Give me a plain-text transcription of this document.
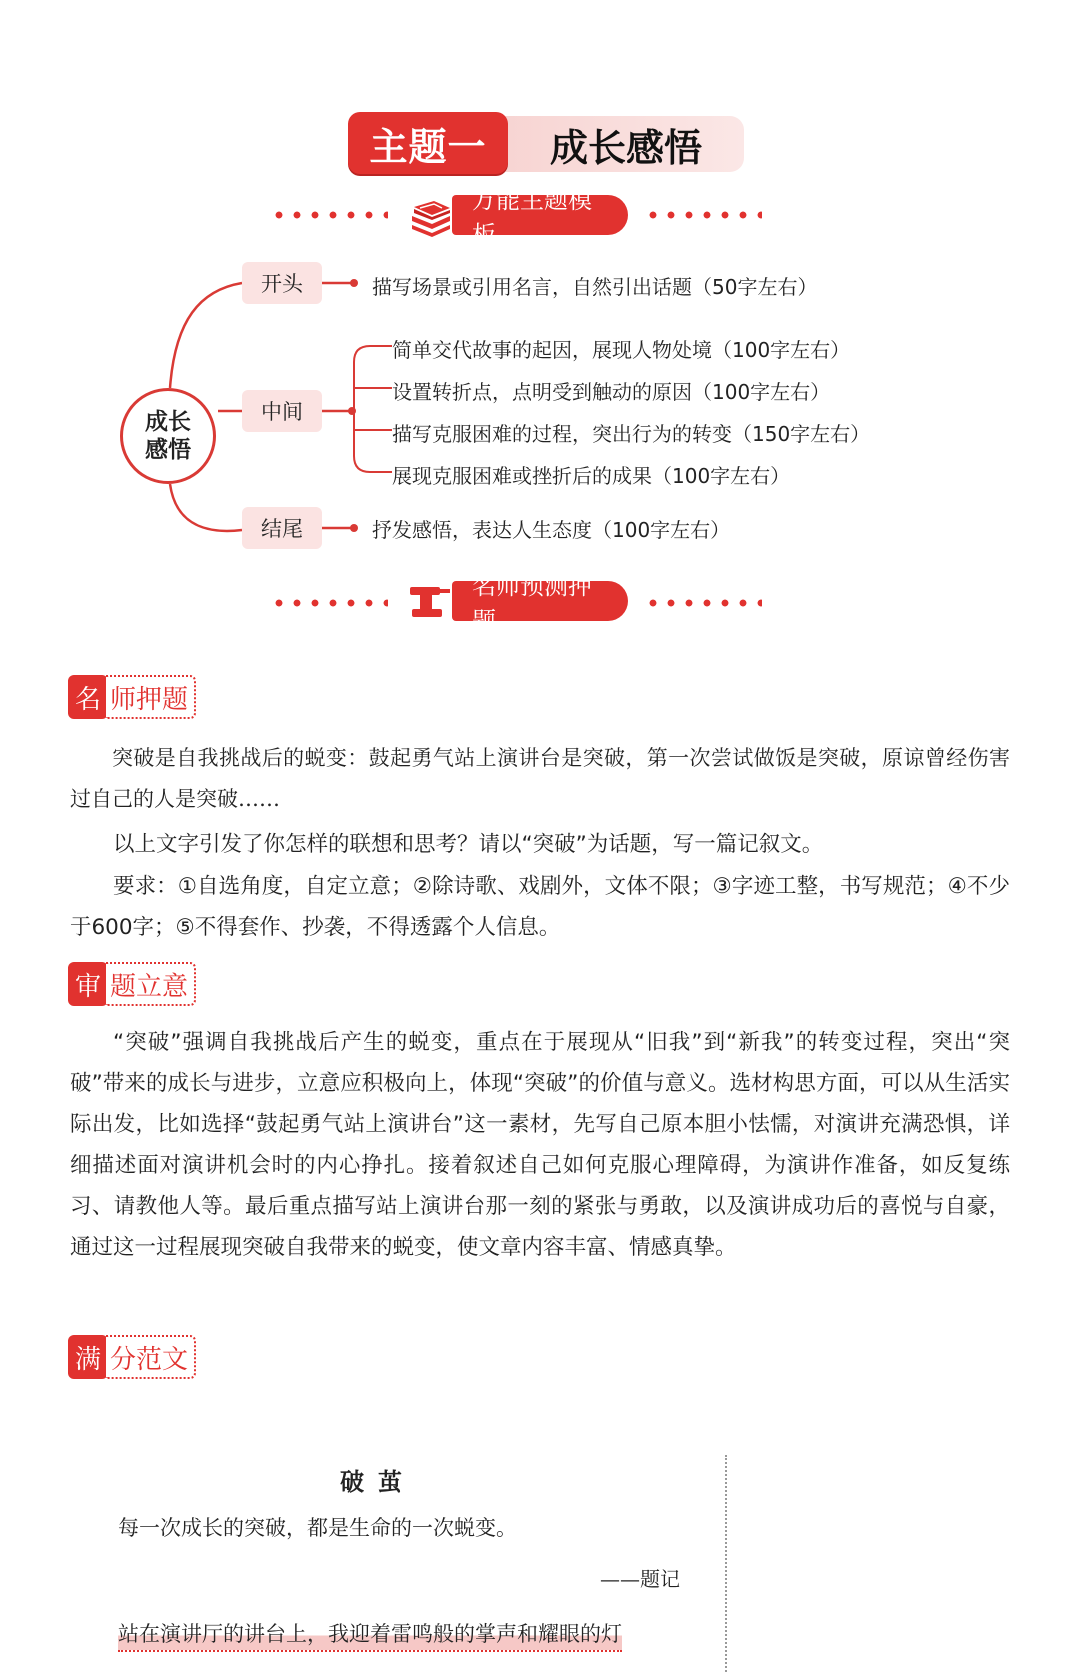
成长感悟
主题一
万能主题模板
成长
感悟
开头
中间
结尾
描写场景或引用名言，自然引出话题（50字左右）
简单交代故事的起因，展现人物处境（100字左右）
设置转折点，点明受到触动的原因（100字左右）
描写克服困难的过程，突出行为的转变（150字左右）
展现克服困难或挫折后的成果（100字左右）
抒发感悟，表达人生态度（100字左右）
名师预测押题
名 师押题

突破是自我挑战后的蜕变：鼓起勇气站上演讲台是突破，第一次尝试做饭是突破，原谅曾经伤害过自己的人是突破……

以上文字引发了你怎样的联想和思考？请以“突破”为话题，写一篇记叙文。

要求：①自选角度，自定立意；②除诗歌、戏剧外，文体不限；③字迹工整，书写规范；④不少于600字；⑤不得套作、抄袭，不得透露个人信息。

审 题立意

“突破”强调自我挑战后产生的蜕变，重点在于展现从“旧我”到“新我”的转变过程，突出“突破”带来的成长与进步，立意应积极向上，体现“突破”的价值与意义。选材构思方面，可以从生活实际出发，比如选择“鼓起勇气站上演讲台”这一素材，先写自己原本胆小怯懦，对演讲充满恐惧，详细描述面对演讲机会时的内心挣扎。接着叙述自己如何克服心理障碍，为演讲作准备，如反复练习、请教他人等。最后重点描写站上演讲台那一刻的紧张与勇敢，以及演讲成功后的喜悦与自豪，通过这一过程展现突破自我带来的蜕变，使文章内容丰富、情感真挚。

满 分范文
破茧
每一次成长的突破，都是生命的一次蜕变。
——题记
站在演讲厅的讲台上，我迎着雷鸣般的掌声和耀眼的灯
